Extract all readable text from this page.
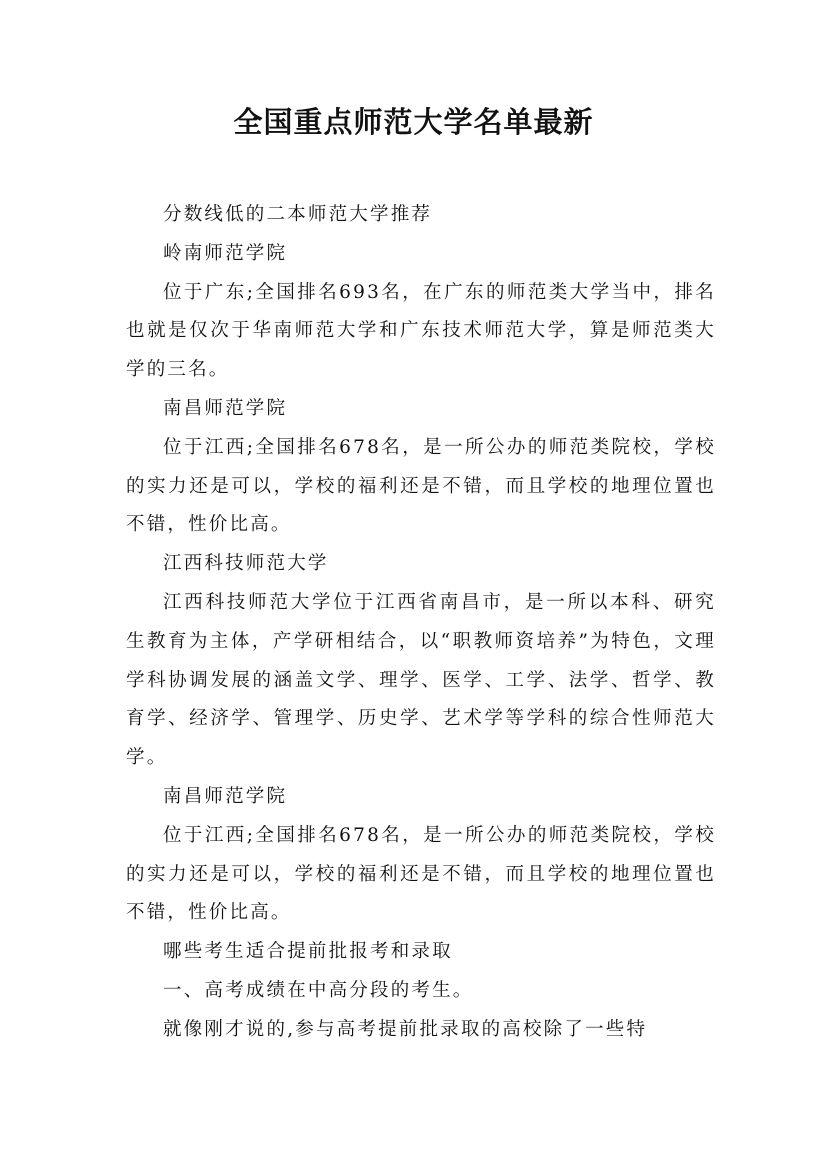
全国重点师范大学名单最新

分数线低的二本师范大学推荐

岭南师范学院

位于广东;全国排名693名，在广东的师范类大学当中，排名也就是仅次于华南师范大学和广东技术师范大学，算是师范类大学的三名。

南昌师范学院

位于江西;全国排名678名，是一所公办的师范类院校，学校的实力还是可以，学校的福利还是不错，而且学校的地理位置也不错，性价比高。

江西科技师范大学

江西科技师范大学位于江西省南昌市，是一所以本科、研究生教育为主体，产学研相结合，以“职教师资培养”为特色，文理学科协调发展的涵盖文学、理学、医学、工学、法学、哲学、教育学、经济学、管理学、历史学、艺术学等学科的综合性师范大学。

南昌师范学院

位于江西;全国排名678名，是一所公办的师范类院校，学校的实力还是可以，学校的福利还是不错，而且学校的地理位置也不错，性价比高。

哪些考生适合提前批报考和录取

一、高考成绩在中高分段的考生。

就像刚才说的,参与高考提前批录取的高校除了一些特
